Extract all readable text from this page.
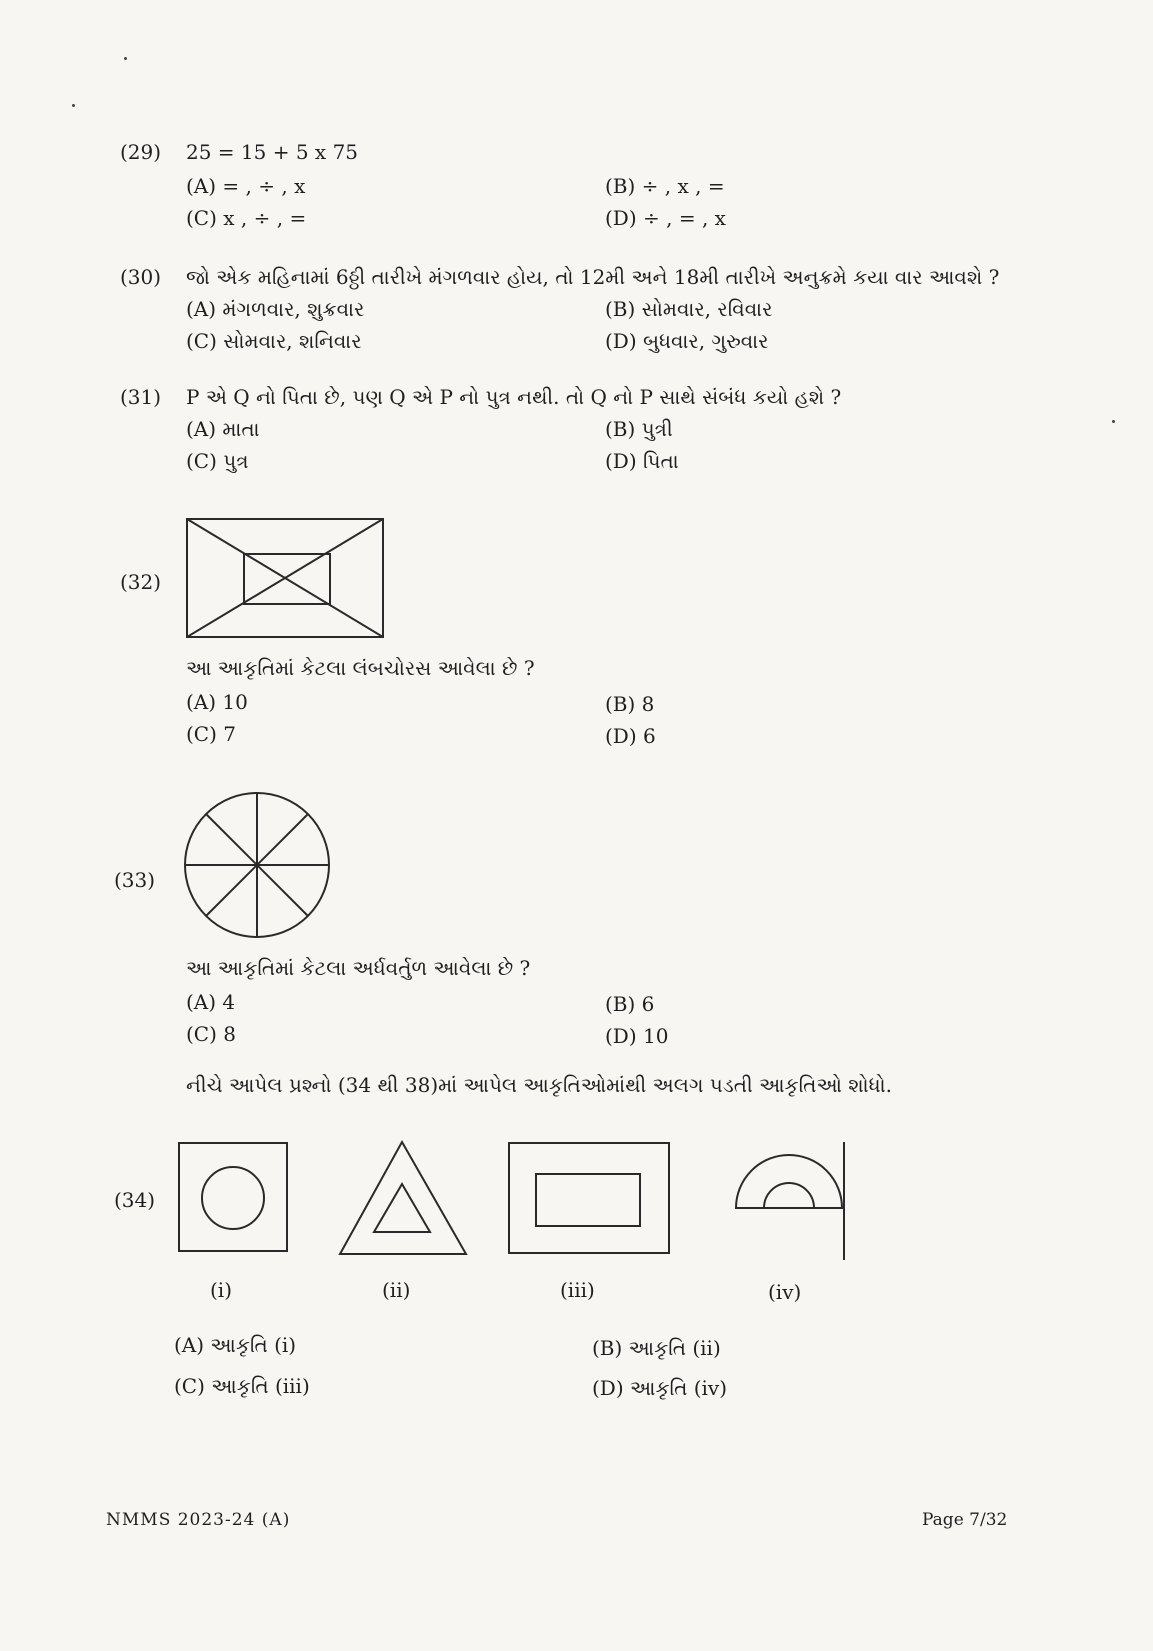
(29) 25 = 15 + 5 x 75
(A) = , ÷ , x	(B) ÷ , x , =
(C) x , ÷ , =	(D) ÷ , = , x
(30) જો એક મહિનામાં 6ઠ્ઠી તારીખે મંગળવાર હોય, તો 12મી અને 18મી તારીખે અનુક્રમે કયા વાર આવશે ?
(A) મંગળવાર, શુક્રવાર	(B) સોમવાર, રવિવાર
(C) સોમવાર, શનિવાર	(D) બુધવાર, ગુરુવાર
(31) P એ Q નો પિતા છે, પણ Q એ P નો પુત્ર નથી. તો Q નો P સાથે સંબંધ કયો હશે ?
(A) માતા	(B) પુત્રી
(C) પુત્ર	(D) પિતા
(32)
આ આકૃતિમાં કેટલા લંબચોરસ આવેલા છે ?
(A) 10	(B) 8
(C) 7	(D) 6
(33)
આ આકૃતિમાં કેટલા અર્ધવર્તુળ આવેલા છે ?
(A) 4	(B) 6
(C) 8	(D) 10
નીચે આપેલ પ્રશ્નો (34 થી 38)માં આપેલ આકૃતિઓમાંથી અલગ પડતી આકૃતિઓ શોધો.
(34)
(i)	(ii)	(iii)	(iv)
(A) આકૃતિ (i)	(B) આકૃતિ (ii)
(C) આકૃતિ (iii)	(D) આકૃતિ (iv)
NMMS 2023-24 (A)	Page 7/32
